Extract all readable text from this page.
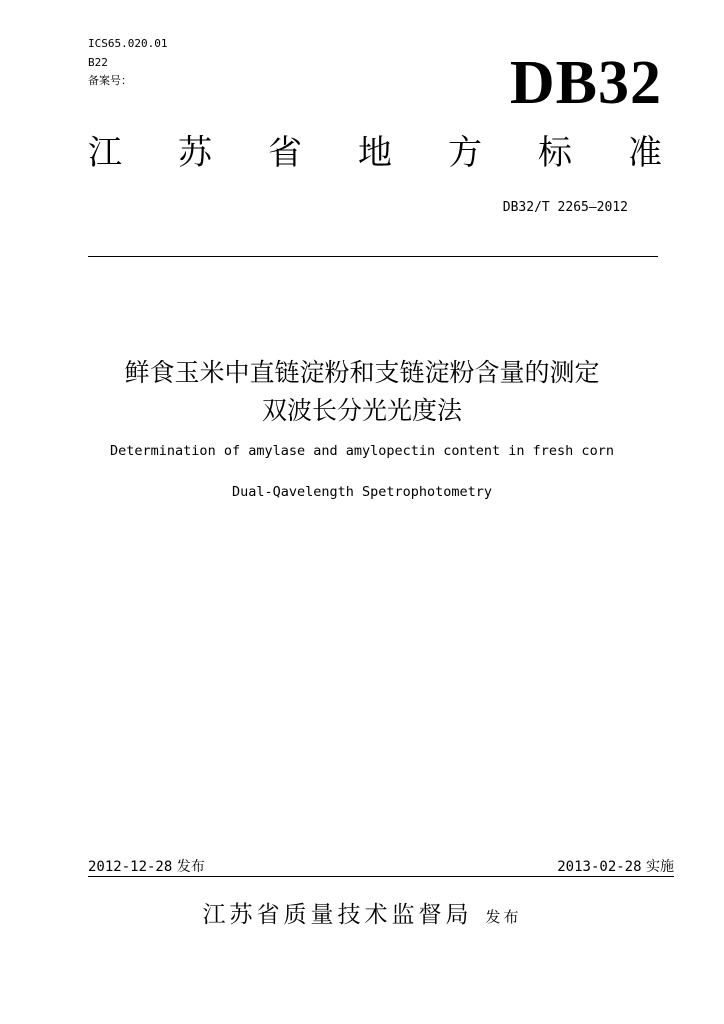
ICS65.020.01
B22
备案号：	DB32
江 苏 省 地 方 标 准
DB32/T 2265—2012
鲜食玉米中直链淀粉和支链淀粉含量的测定
双波长分光光度法
Determination of amylase and amylopectin content in fresh corn
Dual-Qavelength Spetrophotometry
2012-12-28 发布	2013-02-28 实施
江苏省质量技术监督局 发布
